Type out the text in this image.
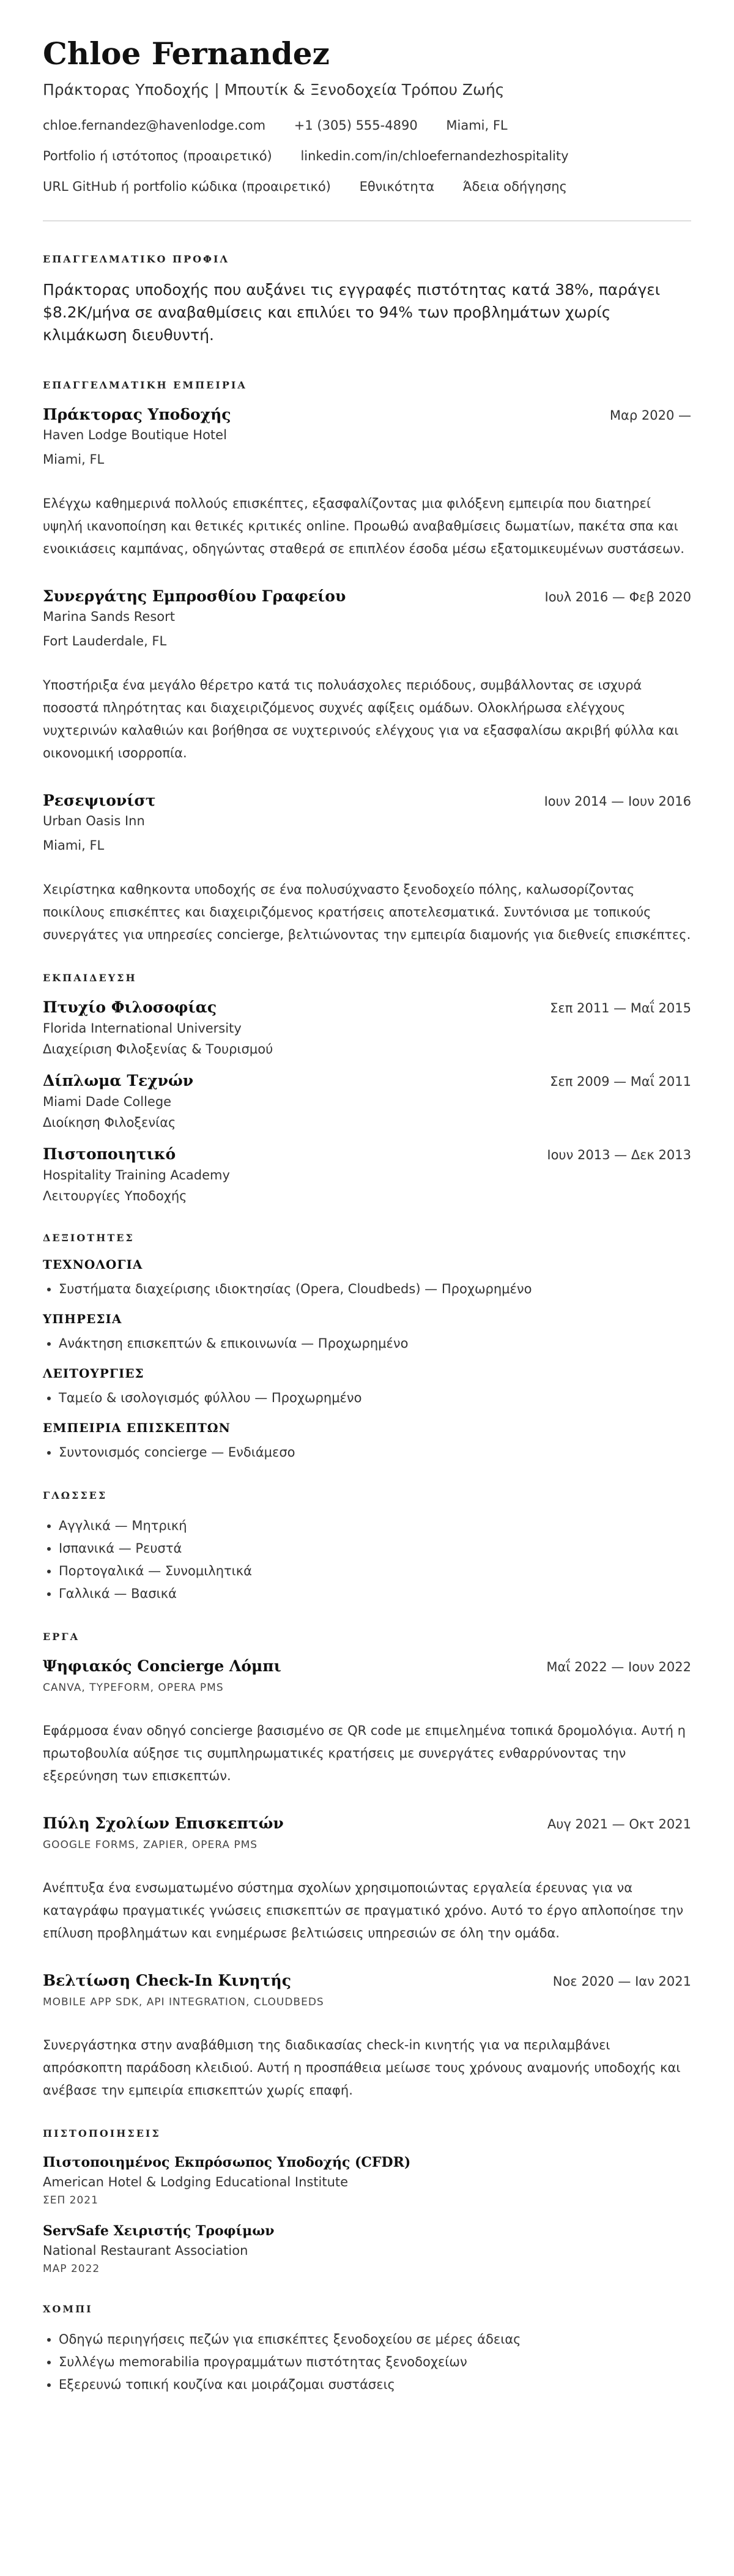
Chloe Fernandez
Πράκτορας Υποδοχής | Μπουτίκ & Ξενοδοχεία Τρόπου Ζωής
chloe.fernandez@havenlodge.com +1 (305) 555-4890 Miami, FL
Portfolio ή ιστότοπος (προαιρετικό) linkedin.com/in/chloefernandezhospitality
URL GitHub ή portfolio κώδικα (προαιρετικό) Εθνικότητα Άδεια οδήγησης
ΕΠΑΓΓΕΛΜΑΤΙΚΟ ΠΡΟΦΙΛ
Πράκτορας υποδοχής που αυξάνει τις εγγραφές πιστότητας κατά 38%, παράγει $8.2K/μήνα σε αναβαθμίσεις και επιλύει το 94% των προβλημάτων χωρίς κλιμάκωση διευθυντή.
ΕΠΑΓΓΕΛΜΑΤΙΚΗ ΕΜΠΕΙΡΙΑ
Πράκτορας Υποδοχής	Μαρ 2020 —
Haven Lodge Boutique Hotel
Miami, FL
Ελέγχω καθημερινά πολλούς επισκέπτες, εξασφαλίζοντας μια φιλόξενη εμπειρία που διατηρεί υψηλή ικανοποίηση και θετικές κριτικές online. Προωθώ αναβαθμίσεις δωματίων, πακέτα σπα και ενοικιάσεις καμπάνας, οδηγώντας σταθερά σε επιπλέον έσοδα μέσω εξατομικευμένων συστάσεων.
Συνεργάτης Εμπροσθίου Γραφείου	Ιουλ 2016 — Φεβ 2020
Marina Sands Resort
Fort Lauderdale, FL
Υποστήριξα ένα μεγάλο θέρετρο κατά τις πολυάσχολες περιόδους, συμβάλλοντας σε ισχυρά ποσοστά πληρότητας και διαχειριζόμενος συχνές αφίξεις ομάδων. Ολοκλήρωσα ελέγχους νυχτερινών καλαθιών και βοήθησα σε νυχτερινούς ελέγχους για να εξασφαλίσω ακριβή φύλλα και οικονομική ισορροπία.
Ρεσεψιονίστ	Ιουν 2014 — Ιουν 2016
Urban Oasis Inn
Miami, FL
Χειρίστηκα καθηκοντα υποδοχής σε ένα πολυσύχναστο ξενοδοχείο πόλης, καλωσορίζοντας ποικίλους επισκέπτες και διαχειριζόμενος κρατήσεις αποτελεσματικά. Συντόνισα με τοπικούς συνεργάτες για υπηρεσίες concierge, βελτιώνοντας την εμπειρία διαμονής για διεθνείς επισκέπτες.
ΕΚΠΑΙΔΕΥΣΗ
Πτυχίο Φιλοσοφίας	Σεπ 2011 — Μαΐ 2015
Florida International University
Διαχείριση Φιλοξενίας & Τουρισμού
Δίπλωμα Τεχνών	Σεπ 2009 — Μαΐ 2011
Miami Dade College
Διοίκηση Φιλοξενίας
Πιστοποιητικό	Ιουν 2013 — Δεκ 2013
Hospitality Training Academy
Λειτουργίες Υποδοχής
ΔΕΞΙΟΤΗΤΕΣ
ΤΕΧΝΟΛΟΓΙΑ
• Συστήματα διαχείρισης ιδιοκτησίας (Opera, Cloudbeds) — Προχωρημένο
ΥΠΗΡΕΣΙΑ
• Ανάκτηση επισκεπτών & επικοινωνία — Προχωρημένο
ΛΕΙΤΟΥΡΓΙΕΣ
• Ταμείο & ισολογισμός φύλλου — Προχωρημένο
ΕΜΠΕΙΡΙΑ ΕΠΙΣΚΕΠΤΩΝ
• Συντονισμός concierge — Ενδιάμεσο
ΓΛΩΣΣΕΣ
• Αγγλικά — Μητρική
• Ισπανικά — Ρευστά
• Πορτογαλικά — Συνομιλητικά
• Γαλλικά — Βασικά
ΕΡΓΑ
Ψηφιακός Concierge Λόμπι	Μαΐ 2022 — Ιουν 2022
CANVA, TYPEFORM, OPERA PMS
Εφάρμοσα έναν οδηγό concierge βασισμένο σε QR code με επιμελημένα τοπικά δρομολόγια. Αυτή η πρωτοβουλία αύξησε τις συμπληρωματικές κρατήσεις με συνεργάτες ενθαρρύνοντας την εξερεύνηση των επισκεπτών.
Πύλη Σχολίων Επισκεπτών	Αυγ 2021 — Οκτ 2021
GOOGLE FORMS, ZAPIER, OPERA PMS
Ανέπτυξα ένα ενσωματωμένο σύστημα σχολίων χρησιμοποιώντας εργαλεία έρευνας για να καταγράφω πραγματικές γνώσεις επισκεπτών σε πραγματικό χρόνο. Αυτό το έργο απλοποίησε την επίλυση προβλημάτων και ενημέρωσε βελτιώσεις υπηρεσιών σε όλη την ομάδα.
Βελτίωση Check-In Κινητής	Νοε 2020 — Ιαν 2021
MOBILE APP SDK, API INTEGRATION, CLOUDBEDS
Συνεργάστηκα στην αναβάθμιση της διαδικασίας check-in κινητής για να περιλαμβάνει απρόσκοπτη παράδοση κλειδιού. Αυτή η προσπάθεια μείωσε τους χρόνους αναμονής υποδοχής και ανέβασε την εμπειρία επισκεπτών χωρίς επαφή.
ΠΙΣΤΟΠΟΙΗΣΕΙΣ
Πιστοποιημένος Εκπρόσωπος Υποδοχής (CFDR)
American Hotel & Lodging Educational Institute
ΣΕΠ 2021
ServSafe Χειριστής Τροφίμων
National Restaurant Association
ΜΑΡ 2022
ΧΟΜΠΙ
• Οδηγώ περιηγήσεις πεζών για επισκέπτες ξενοδοχείου σε μέρες άδειας
• Συλλέγω memorabilia προγραμμάτων πιστότητας ξενοδοχείων
• Εξερευνώ τοπική κουζίνα και μοιράζομαι συστάσεις
